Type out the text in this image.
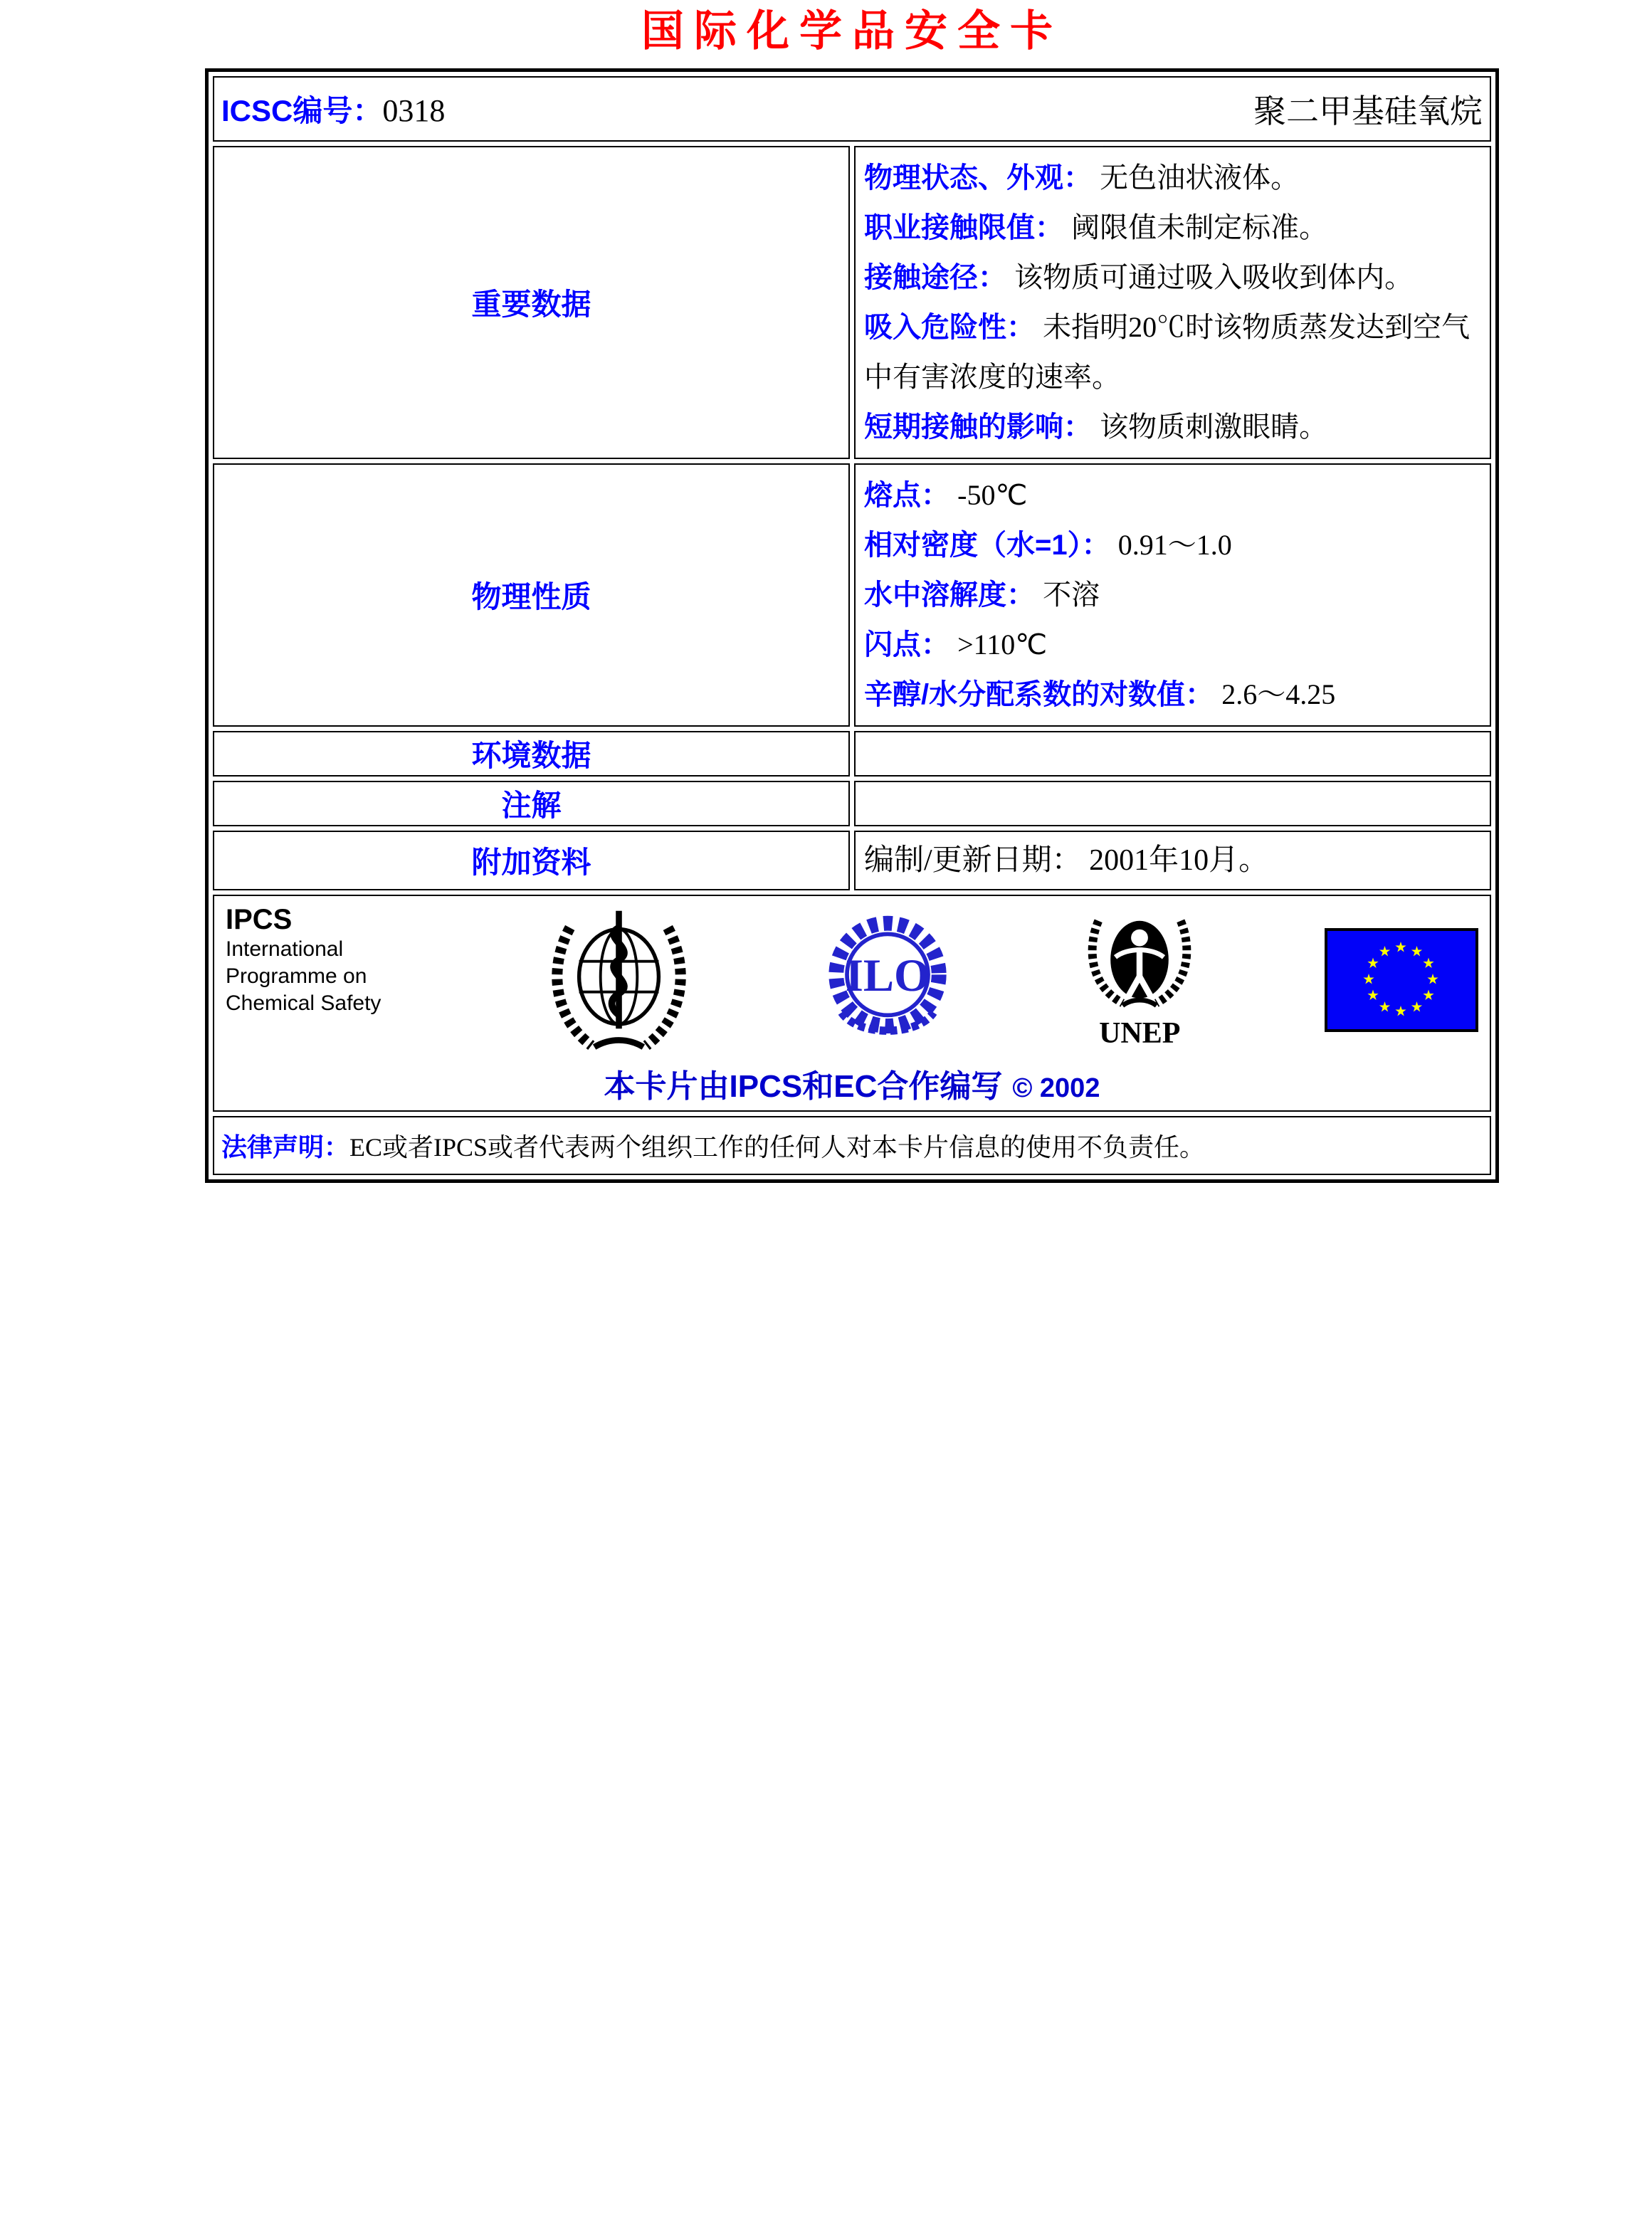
国际化学品安全卡
ICSC编号：0318 聚二甲基硅氧烷	

重要数据	物理状态、外观： 无色油状液体。
职业接触限值： 阈限值未制定标准。
接触途径： 该物质可通过吸入吸收到体内。
吸入危险性： 未指明20℃时该物质蒸发达到空气中有害浓度的速率。
短期接触的影响： 该物质刺激眼睛。

物理性质	熔点： -50℃
相对密度（水=1）： 0.91～1.0
水中溶解度： 不溶
闪点： >110℃
辛醇/水分配系数的对数值： 2.6～4.25

环境数据	
注解	
附加资料	编制/更新日期： 2001年10月。

IPCS
International
Programme on
Chemical Safety
ILO
UNEP
本卡片由IPCS和EC合作编写 © 2002

法律声明：EC或者IPCS或者代表两个组织工作的任何人对本卡片信息的使用不负责任。	
